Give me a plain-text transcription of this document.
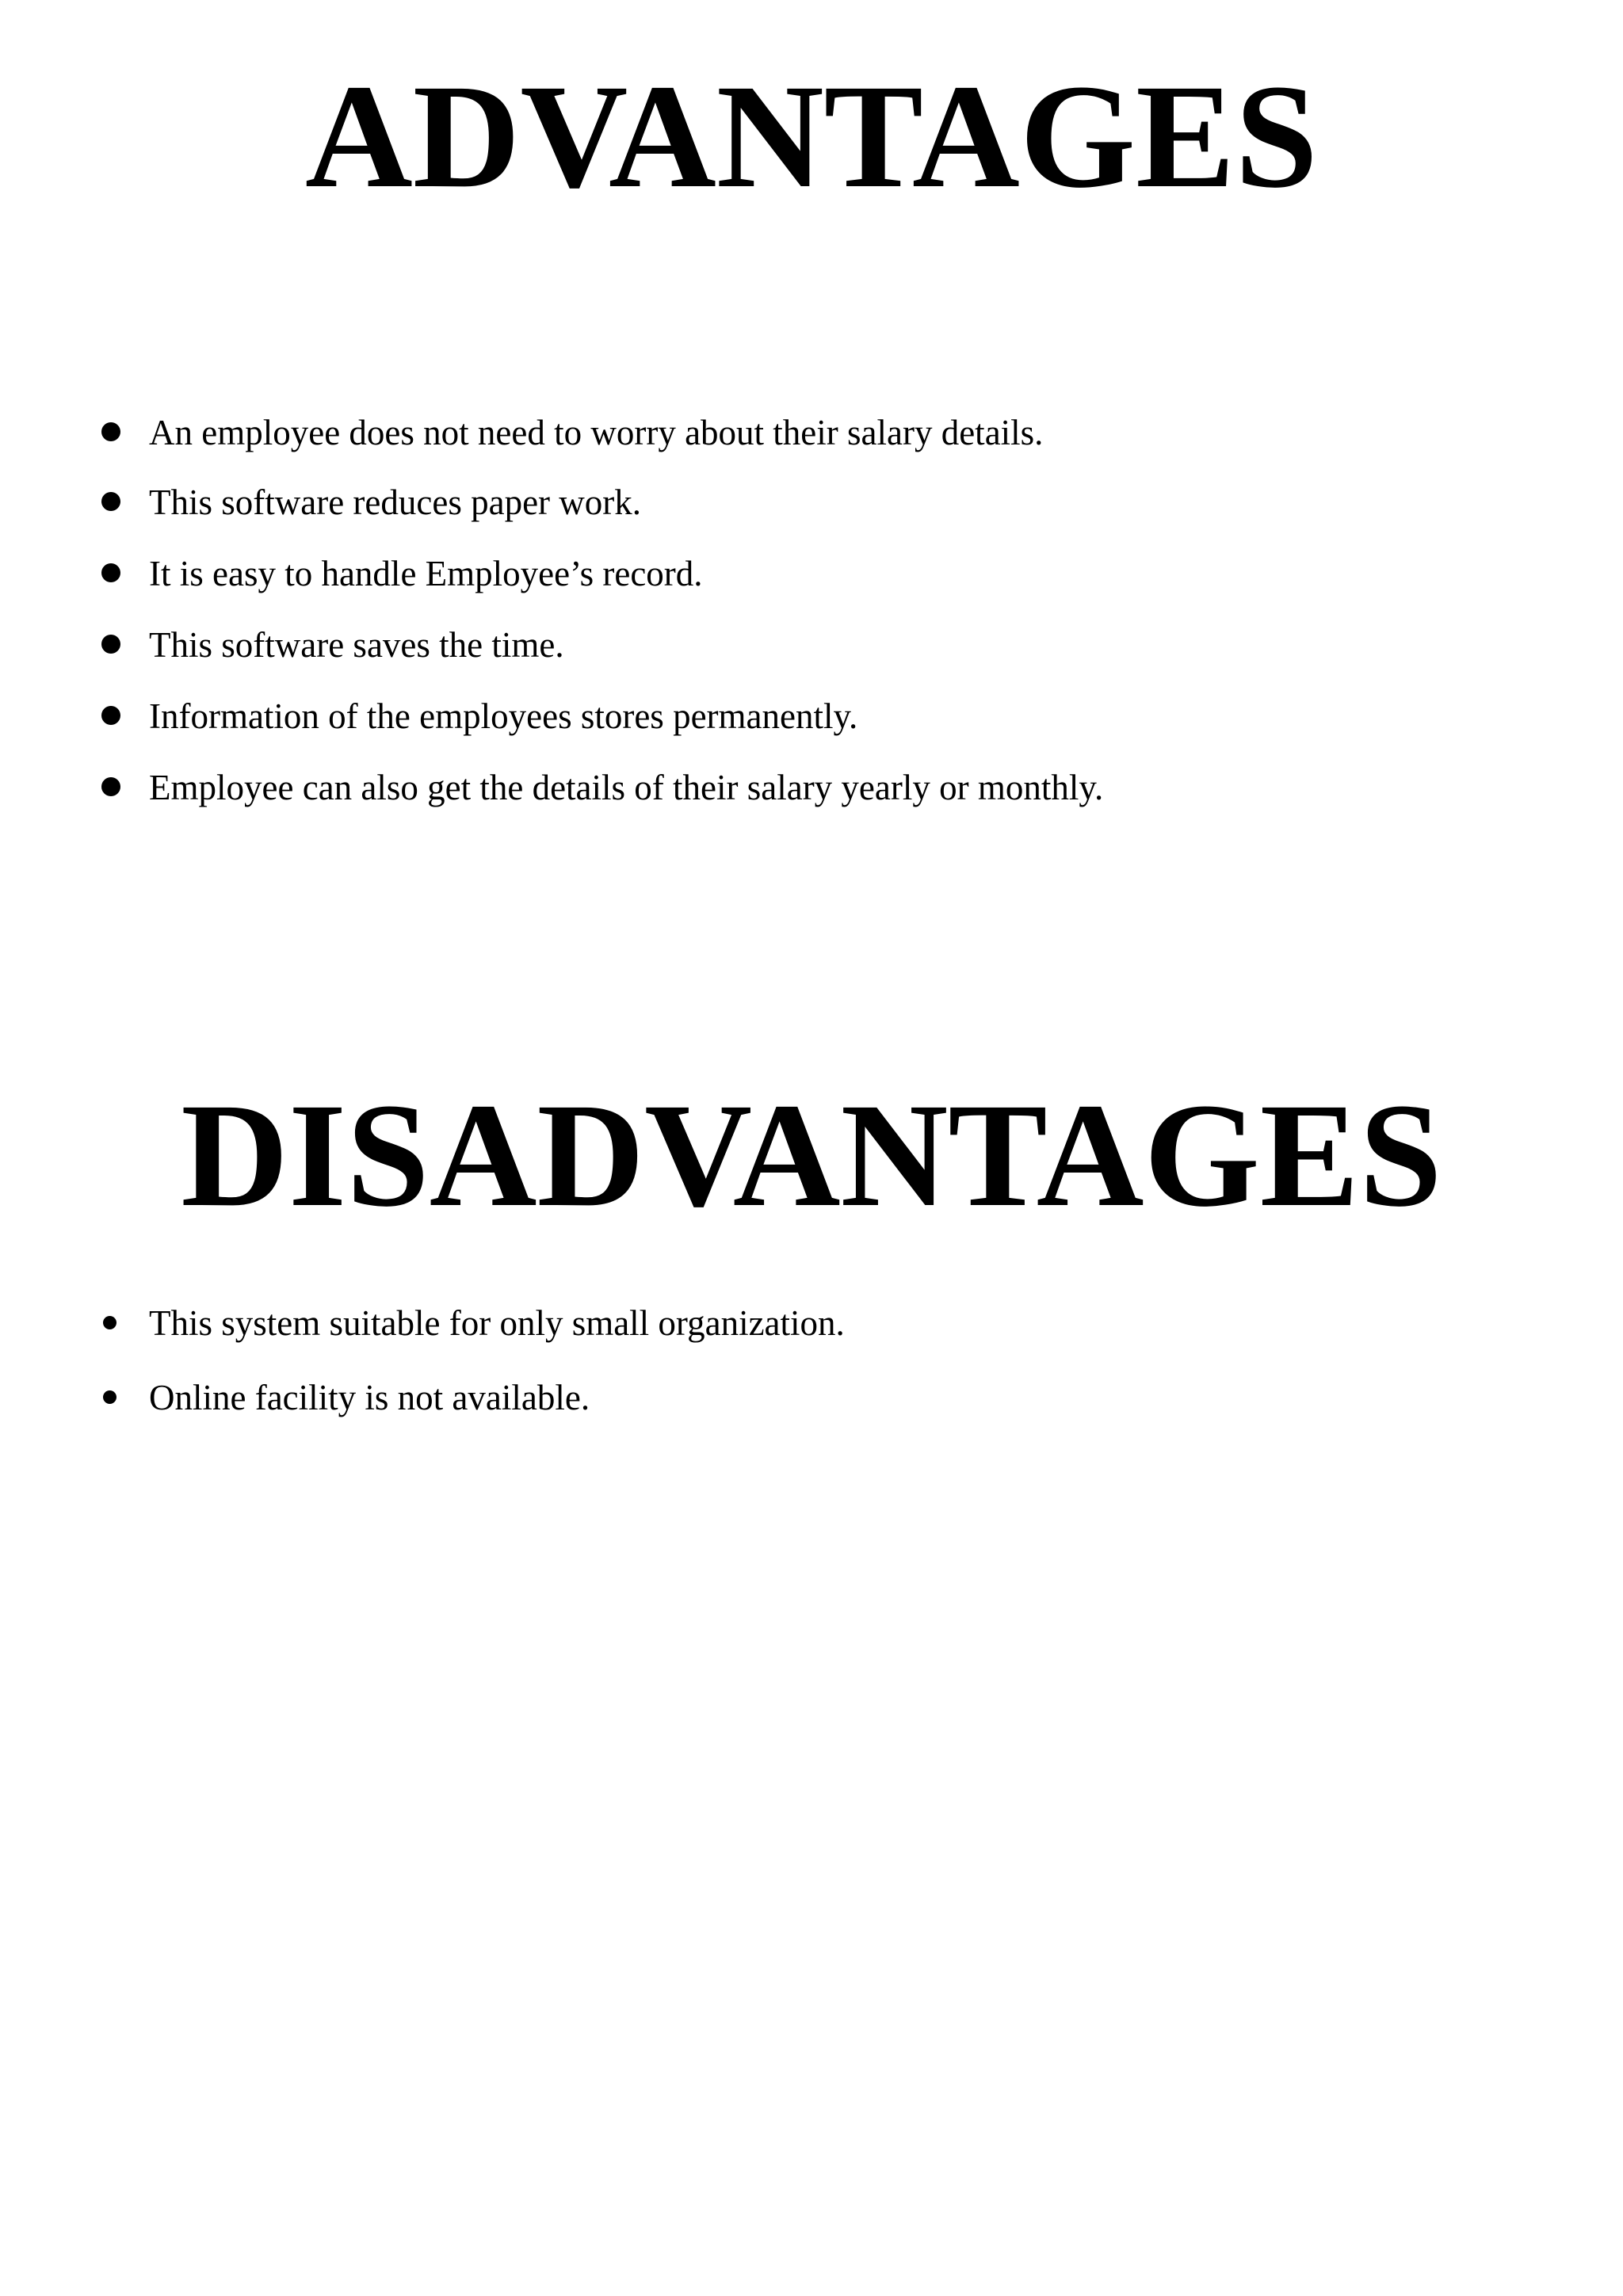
ADVANTAGES
An employee does not need to worry about their salary details.
This software reduces paper work.
It is easy to handle Employee’s record.
This software saves the time.
Information of the employees stores permanently.
Employee can also get the details of their salary yearly or monthly.
DISADVANTAGES
This system suitable for only small organization.
Online facility is not available.
